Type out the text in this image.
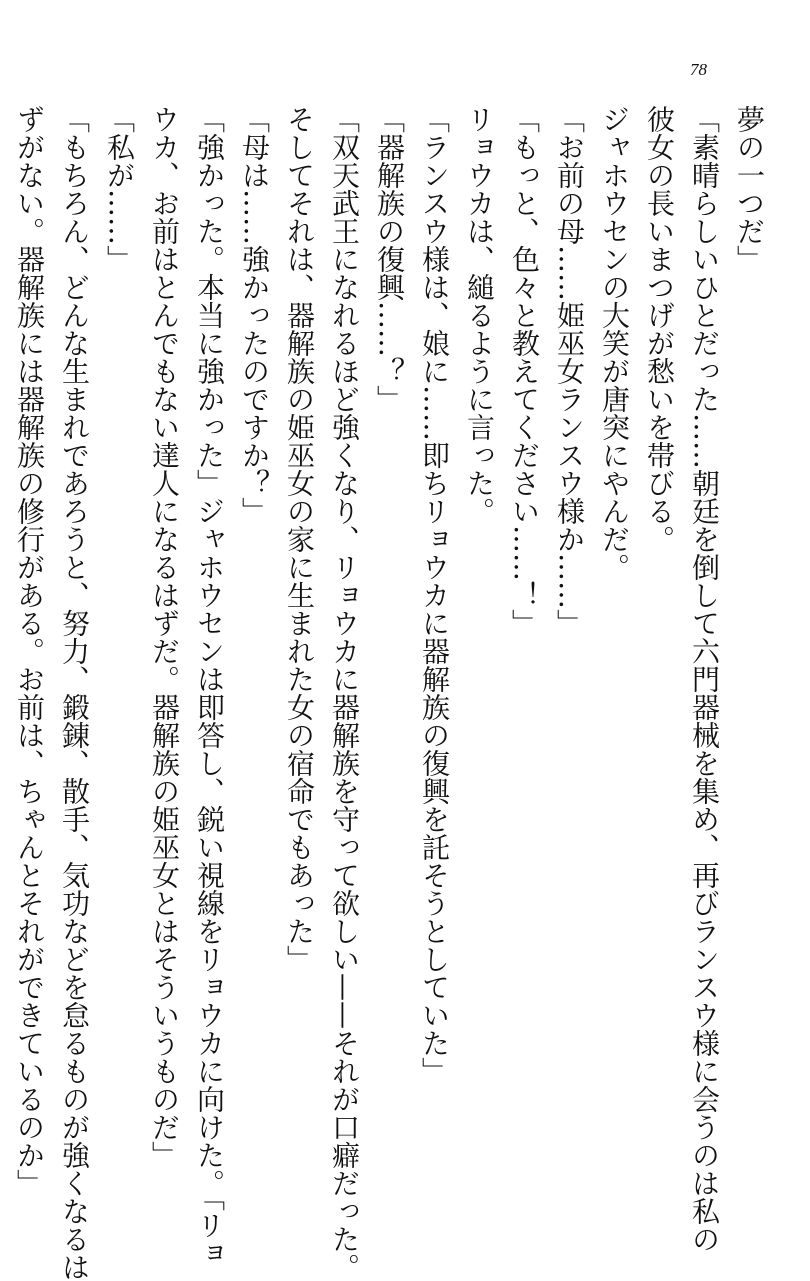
78
夢の一つだ」
「素晴らしいひとだった……朝廷を倒して六門器械を集め、再びランスウ様に会うのは私の
彼女の長いまつげが愁いを帯びる。
ジャホウセンの大笑が唐突にやんだ。
「お前の母……姫巫女ランスウ様か……」
「もっと、色々と教えてください……！」
リョウカは、縋るように言った。
「ランスウ様は、娘に……即ちリョウカに器解族の復興を託そうとしていた」
「器解族の復興……？」
「双天武王になれるほど強くなり、リョウカに器解族を守って欲しい——それが口癖だった。
そしてそれは、器解族の姫巫女の家に生まれた女の宿命でもあった」
「母は……強かったのですか？」
「強かった。本当に強かった」ジャホウセンは即答し、鋭い視線をリョウカに向けた。「リョ
ウカ、お前はとんでもない達人になるはずだ。器解族の姫巫女とはそういうものだ」
「私が……」
「もちろん、どんな生まれであろうと、努力、鍛錬、散手、気功などを怠るものが強くなるは
ずがない。器解族には器解族の修行がある。お前は、ちゃんとそれができているのか」
